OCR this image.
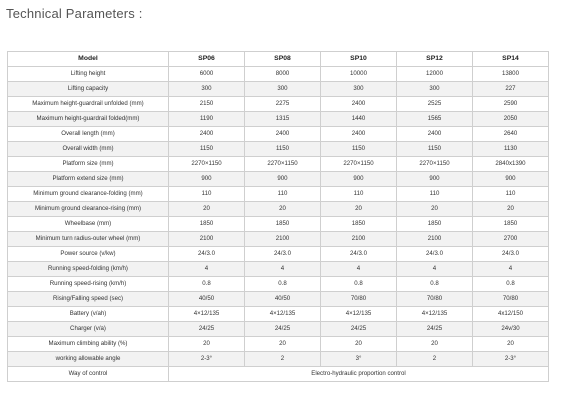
Technical Parameters :
Model	SP06	SP08	SP10	SP12	SP14
Lifting height	6000	8000	10000	12000	13800
Lifting capacity	300	300	300	300	227
Maximum height-guardrail unfolded (mm)	2150	2275	2400	2525	2590
Maximum height-guardrail folded(mm)	1190	1315	1440	1565	2050
Overall length (mm)	2400	2400	2400	2400	2640
Overall width (mm)	1150	1150	1150	1150	1130
Platform size (mm)	2270×1150	2270×1150	2270×1150	2270×1150	2840x1390
Platform extend size (mm)	900	900	900	900	900
Minimum ground clearance-folding (mm)	110	110	110	110	110
Minimum ground clearance-rising (mm)	20	20	20	20	20
Wheelbase (mm)	1850	1850	1850	1850	1850
Minimum turn radius-outer wheel (mm)	2100	2100	2100	2100	2700
Power source (v/kw)	24/3.0	24/3.0	24/3.0	24/3.0	24/3.0
Running speed-folding (km/h)	4	4	4	4	4
Running speed-rising (km/h)	0.8	0.8	0.8	0.8	0.8
Rising/Falling speed (sec)	40/50	40/50	70/80	70/80	70/80
Battery (v/ah)	4×12/135	4×12/135	4×12/135	4×12/135	4x12/150
Charger (v/a)	24/25	24/25	24/25	24/25	24v/30
Maximum climbing ability (%)	20	20	20	20	20
working allowable angle	2-3°	2	3°	2	2-3°
Way of control	Electro-hydraulic proportion control				
